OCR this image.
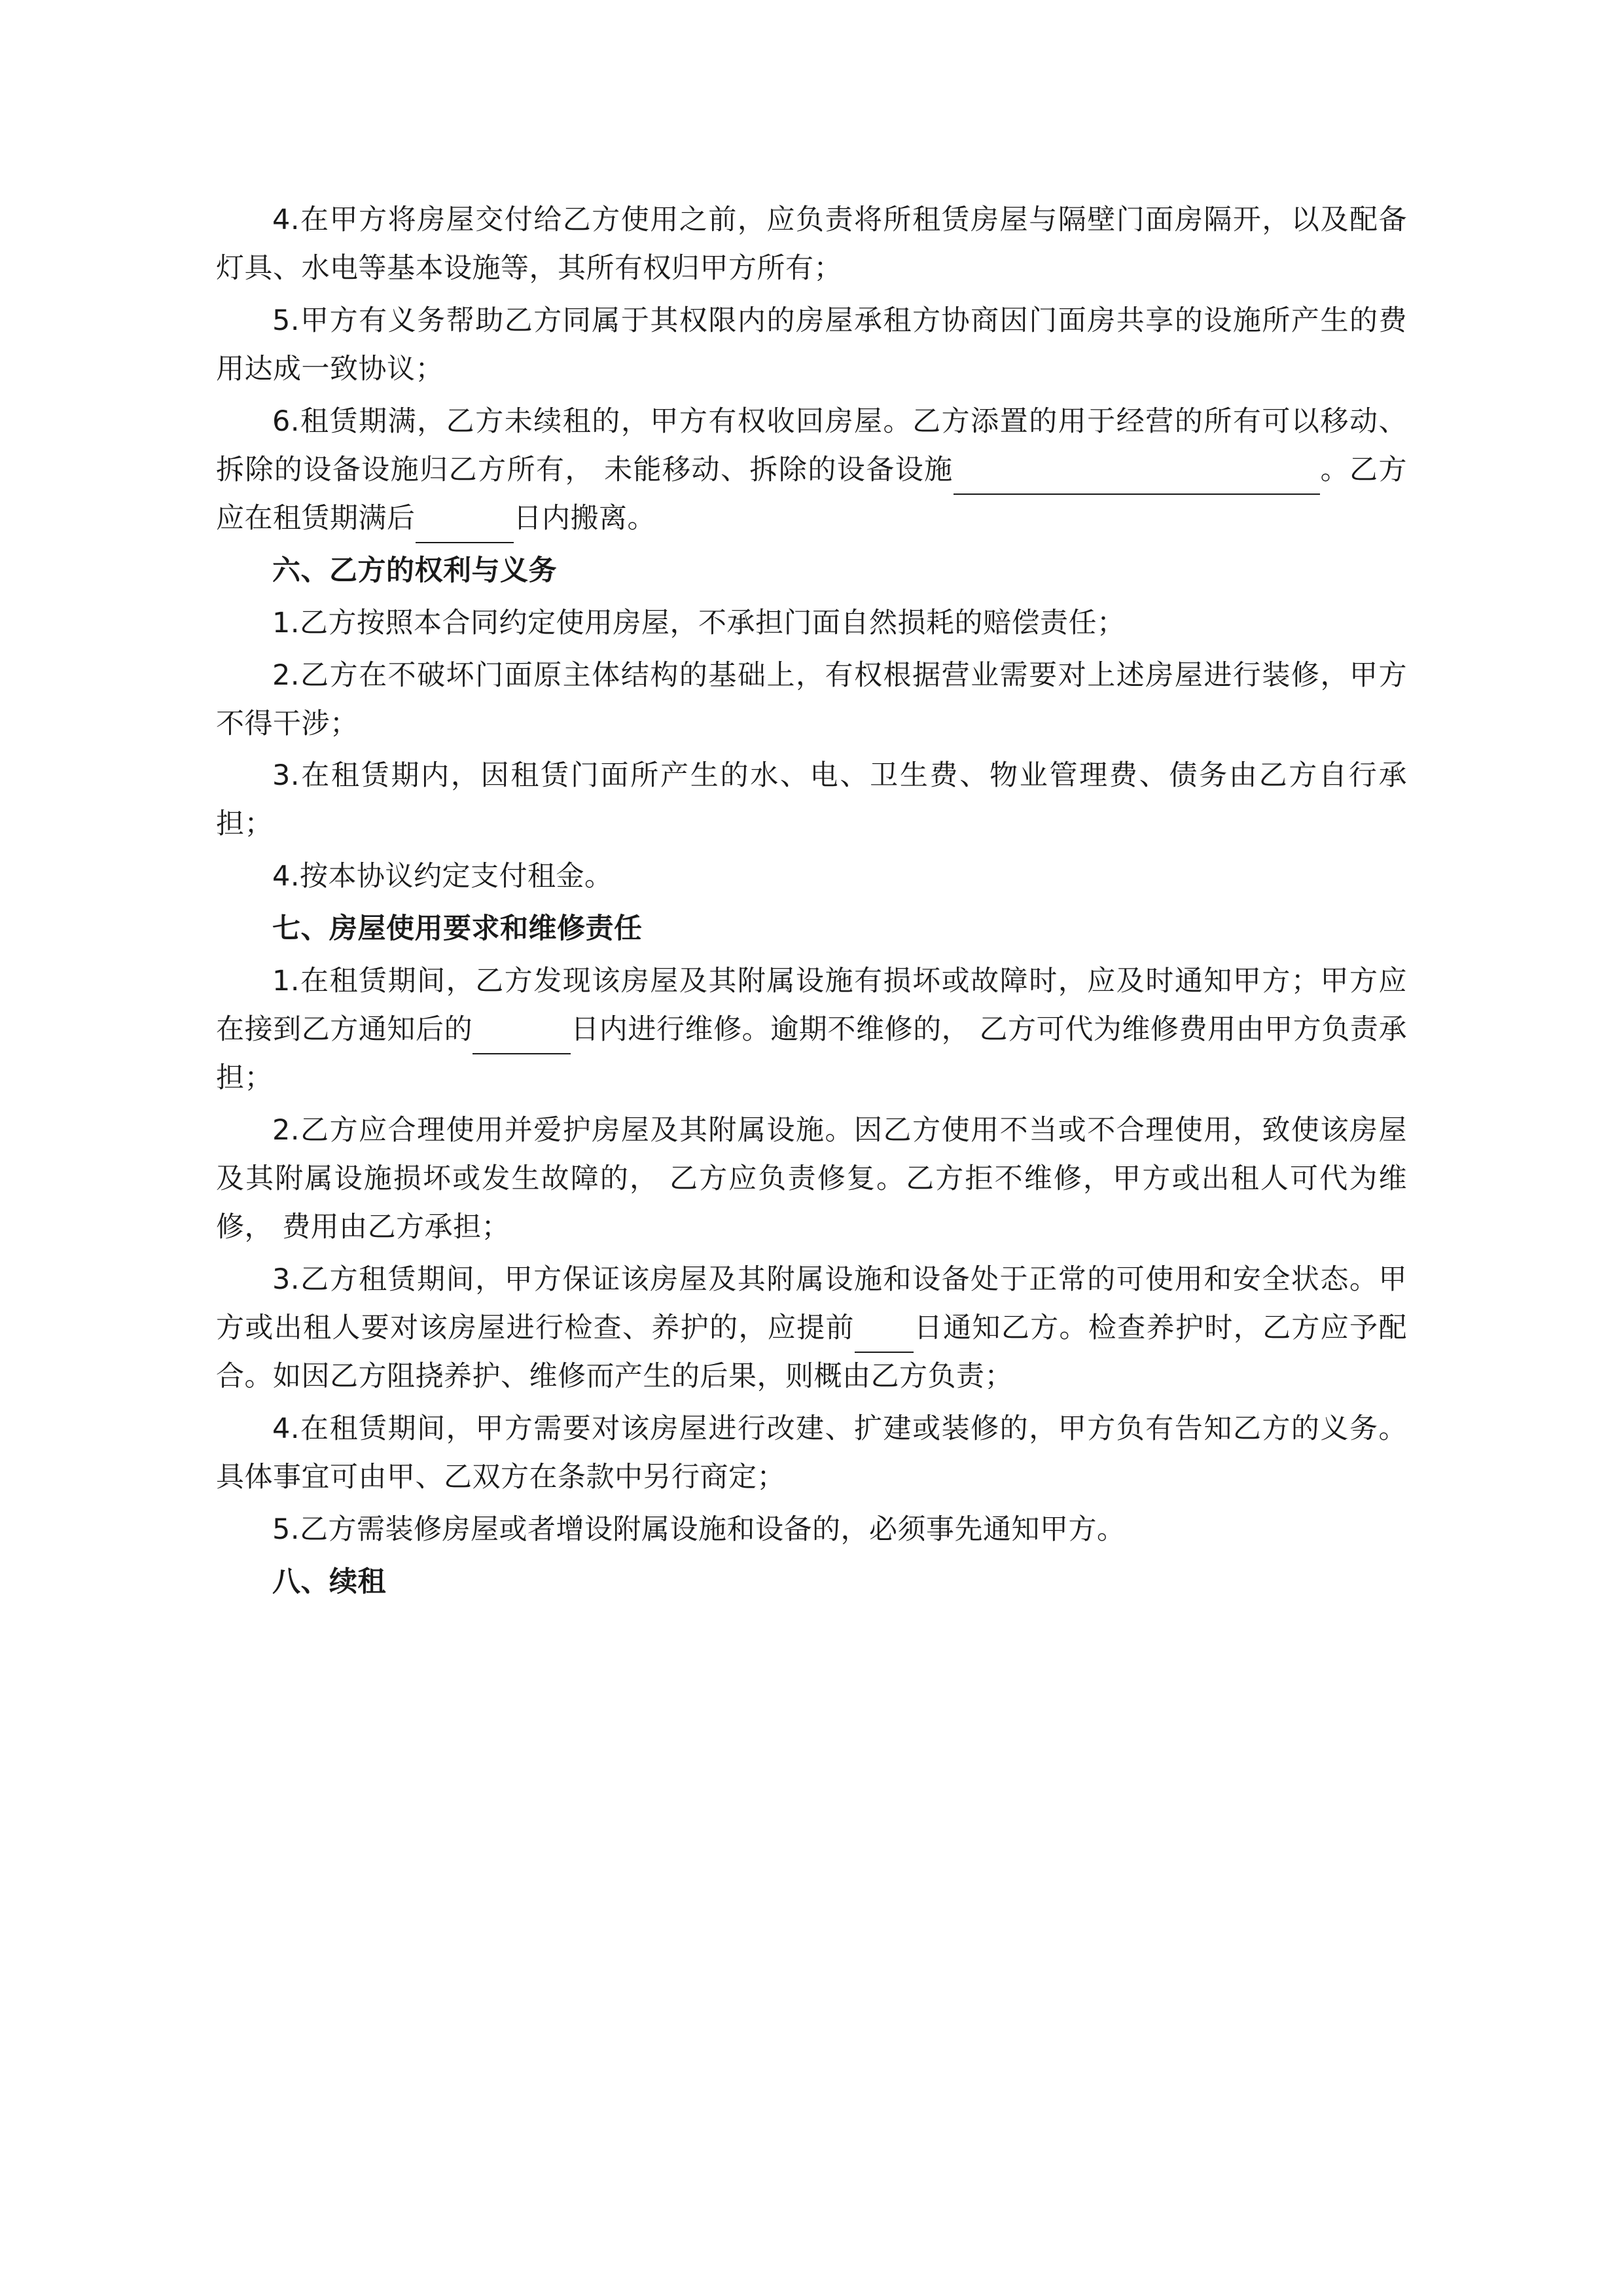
4.在甲方将房屋交付给乙方使用之前，应负责将所租赁房屋与隔壁门面房隔开，以及配备灯具、水电等基本设施等，其所有权归甲方所有；

5.甲方有义务帮助乙方同属于其权限内的房屋承租方协商因门面房共享的设施所产生的费用达成一致协议；

6.租赁期满，乙方未续租的，甲方有权收回房屋。乙方添置的用于经营的所有可以移动、拆除的设备设施归乙方所有， 未能移动、拆除的设备设施	。乙方应在租赁期满后	日内搬离。

六、乙方的权利与义务

1.乙方按照本合同约定使用房屋，不承担门面自然损耗的赔偿责任；

2.乙方在不破坏门面原主体结构的基础上，有权根据营业需要对上述房屋进行装修，甲方不得干涉；

3.在租赁期内，因租赁门面所产生的水、电、卫生费、物业管理费、债务由乙方自行承担；

4.按本协议约定支付租金。

七、房屋使用要求和维修责任

1.在租赁期间，乙方发现该房屋及其附属设施有损坏或故障时，应及时通知甲方；甲方应在接到乙方通知后的	日内进行维修。逾期不维修的， 乙方可代为维修费用由甲方负责承担；

2.乙方应合理使用并爱护房屋及其附属设施。因乙方使用不当或不合理使用，致使该房屋及其附属设施损坏或发生故障的， 乙方应负责修复。乙方拒不维修，甲方或出租人可代为维修， 费用由乙方承担；

3.乙方租赁期间，甲方保证该房屋及其附属设施和设备处于正常的可使用和安全状态。甲方或出租人要对该房屋进行检查、养护的，应提前 日通知乙方。检查养护时，乙方应予配合。如因乙方阻挠养护、维修而产生的后果，则概由乙方负责；

4.在租赁期间，甲方需要对该房屋进行改建、扩建或装修的，甲方负有告知乙方的义务。具体事宜可由甲、乙双方在条款中另行商定；

5.乙方需装修房屋或者增设附属设施和设备的，必须事先通知甲方。

八、续租
